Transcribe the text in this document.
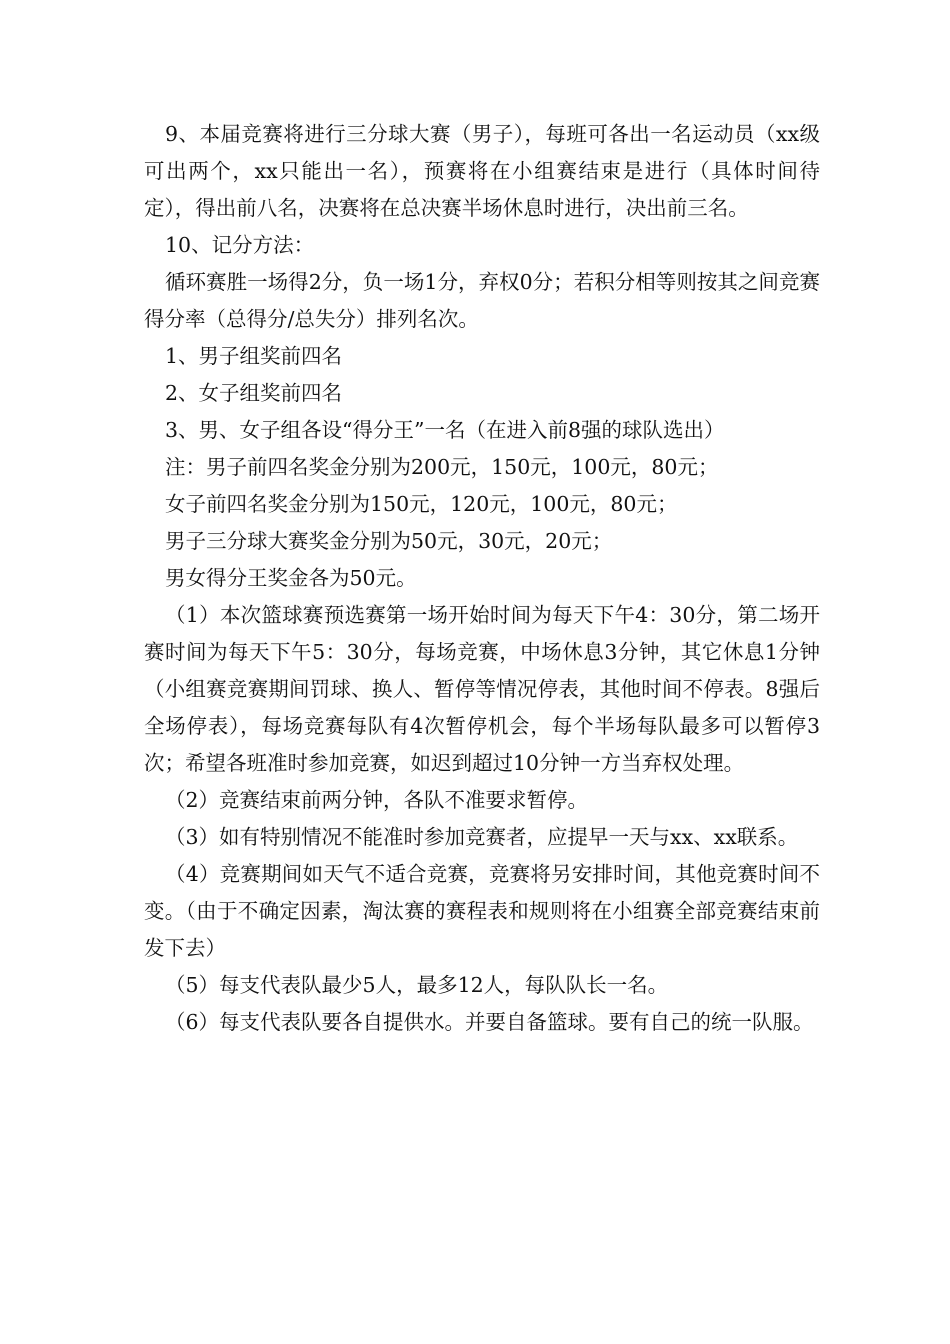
9、本届竞赛将进行三分球大赛（男子），每班可各出一名运动员（xx级可出两个，xx只能出一名），预赛将在小组赛结束是进行（具体时间待定），得出前八名，决赛将在总决赛半场休息时进行，决出前三名。

10、记分方法：

循环赛胜一场得2分，负一场1分，弃权0分；若积分相等则按其之间竞赛得分率（总得分/总失分）排列名次。

1、男子组奖前四名

2、女子组奖前四名

3、男、女子组各设“得分王”一名（在进入前8强的球队选出）

注：男子前四名奖金分别为200元，150元，100元，80元；

女子前四名奖金分别为150元，120元，100元，80元；

男子三分球大赛奖金分别为50元，30元，20元；

男女得分王奖金各为50元。

（1）本次篮球赛预选赛第一场开始时间为每天下午4：30分，第二场开赛时间为每天下午5：30分，每场竞赛，中场休息3分钟，其它休息1分钟（小组赛竞赛期间罚球、换人、暂停等情况停表，其他时间不停表。8强后全场停表），每场竞赛每队有4次暂停机会，每个半场每队最多可以暂停3次；希望各班准时参加竞赛，如迟到超过10分钟一方当弃权处理。

（2）竞赛结束前两分钟，各队不准要求暂停。

（3）如有特别情况不能准时参加竞赛者，应提早一天与xx、xx联系。

（4）竞赛期间如天气不适合竞赛，竞赛将另安排时间，其他竞赛时间不变。（由于不确定因素，淘汰赛的赛程表和规则将在小组赛全部竞赛结束前发下去）

（5）每支代表队最少5人，最多12人，每队队长一名。

（6）每支代表队要各自提供水。并要自备篮球。要有自己的统一队服。
